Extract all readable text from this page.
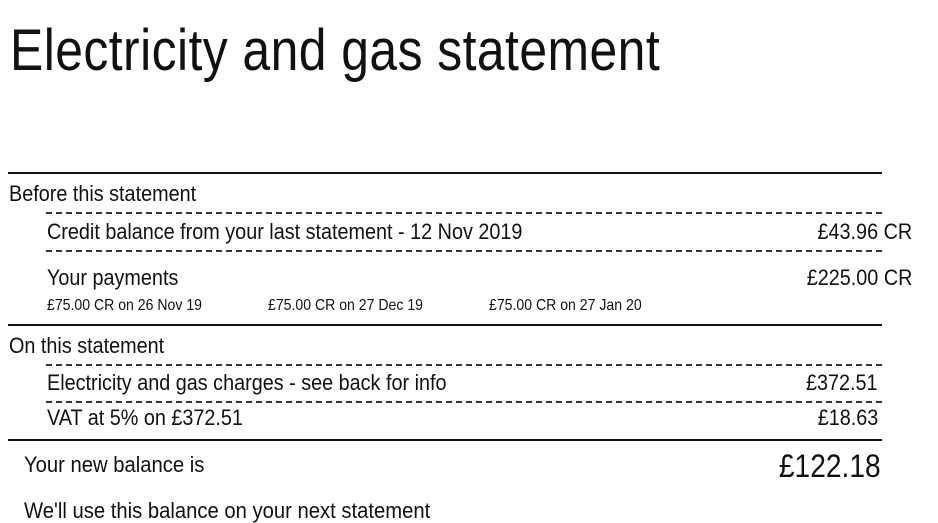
Electricity and gas statement
Before this statement
Credit balance from your last statement - 12 Nov 2019	£43.96 CR
Your payments	£225.00 CR
£75.00 CR on 26 Nov 19	£75.00 CR on 27 Dec 19	£75.00 CR on 27 Jan 20
On this statement
Electricity and gas charges - see back for info	£372.51
VAT at 5% on £372.51	£18.63
Your new balance is	£122.18
We'll use this balance on your next statement
